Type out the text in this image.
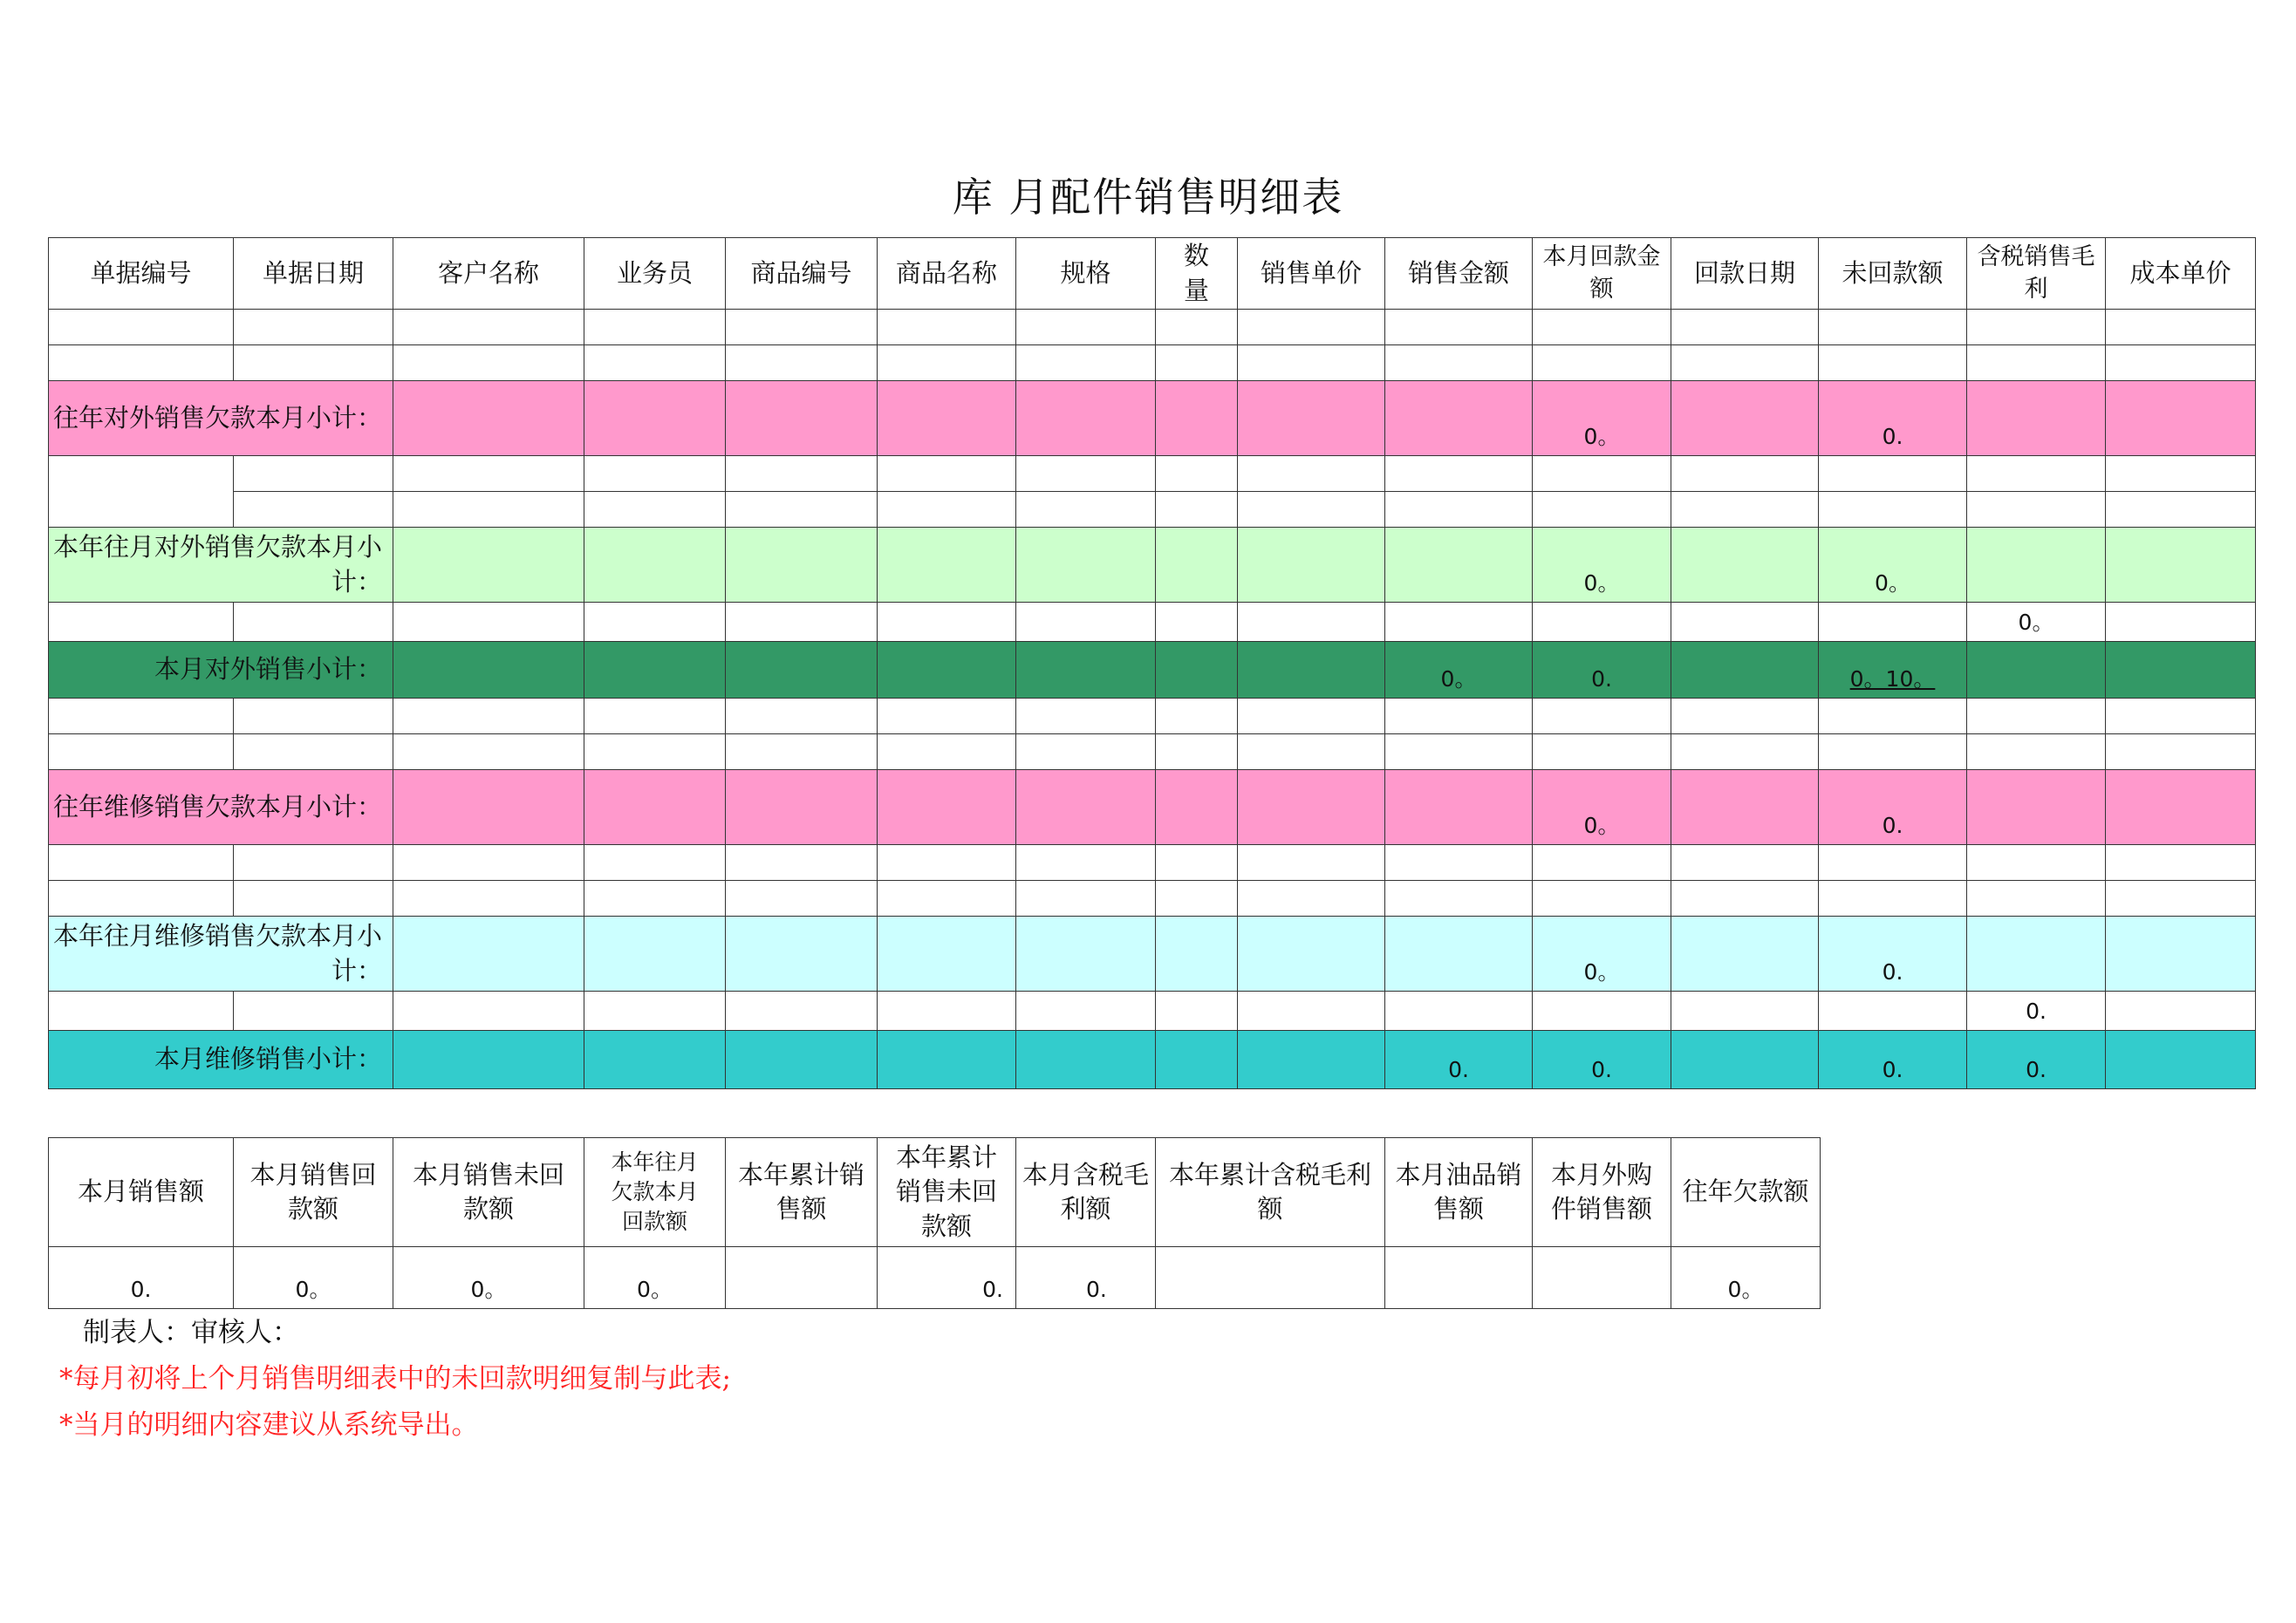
库 月配件销售明细表
单据编号	单据日期	客户名称	业务员	商品编号	商品名称	规格	数量	销售单价	销售金额	本月回款金额	回款日期	未回款额	含税销售毛利	成本单价

往年对外销售欠款本月小计：										0。		0.		

本年往月对外销售欠款本月小计：										0。		0。		
													0。	
本月对外销售小计：									0。	0.		0。10。		

往年维修销售欠款本月小计：										0。		0.		

本年往月维修销售欠款本月小计：										0。		0.		
													0.	
本月维修销售小计：									0.	0.		0.	0.	
本月销售额	本月销售回款额	本月销售未回款额	本年往月欠款本月回款额	本年累计销售额	本年累计销售未回款额	本月含税毛利额	本年累计含税毛利额	本月油品销售额	本月外购件销售额	往年欠款额
0.	0。	0。	0。		0.	0.				0。
制表人：审核人：
*每月初将上个月销售明细表中的未回款明细复制与此表;
*当月的明细内容建议从系统导出。
